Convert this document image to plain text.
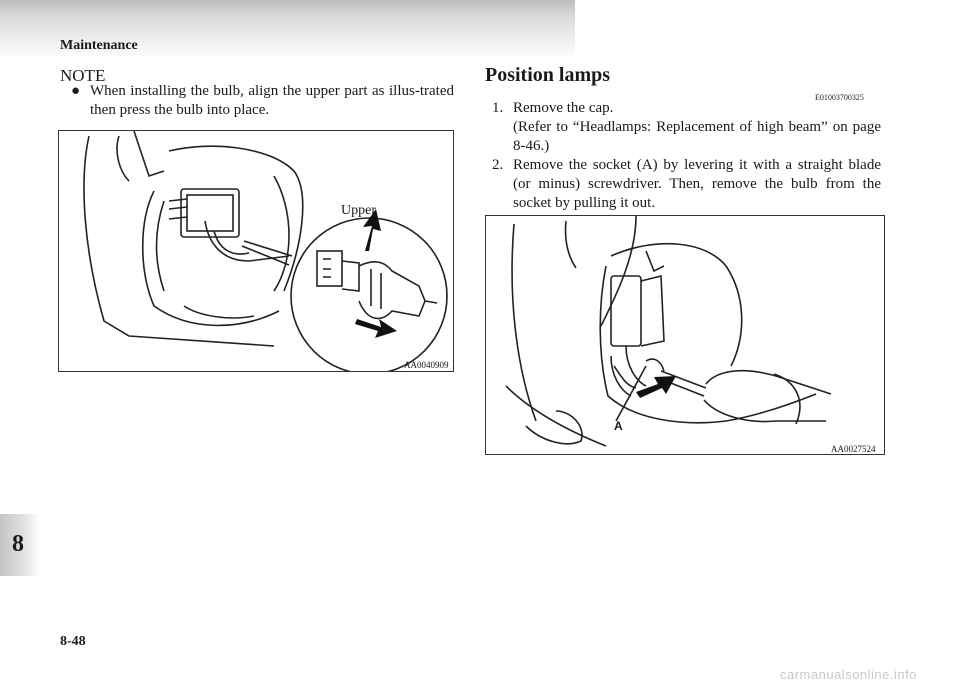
Maintenance
8
NOTE
● When installing the bulb, align the upper part as illus-trated then press the bulb into place.
Upper
AA0040909
Position lamps
E01003700325
1. Remove the cap.
(Refer to “Headlamps: Replacement of high beam” on page 8-46.)
2. Remove the socket (A) by levering it with a straight blade (or minus) screwdriver. Then, remove the bulb from the socket by pulling it out.
A
AA0027524
8-48
carmanualsonline.info
